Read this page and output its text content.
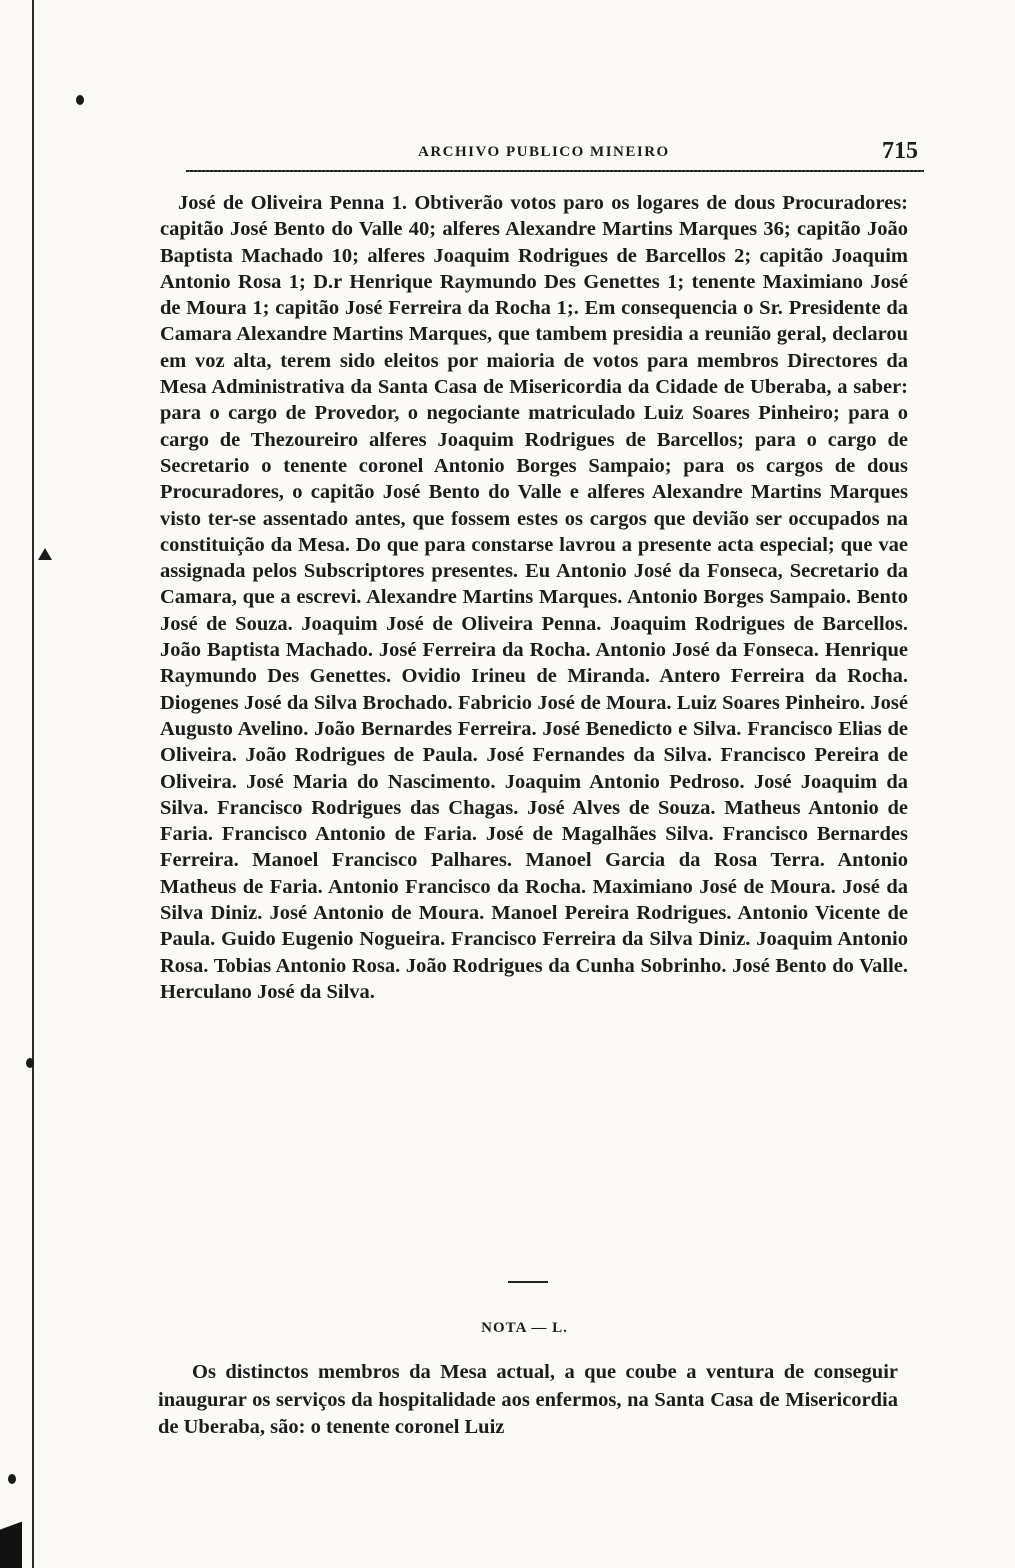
ARCHIVO PUBLICO MINEIRO	715

José de Oliveira Penna 1. Obtiverão votos paro os logares de dous Procuradores: capitão José Bento do Valle 40; alferes Alexandre Martins Marques 36; capitão João Baptista Machado 10; alferes Joaquim Rodrigues de Barcellos 2; capitão Joaquim Antonio Rosa 1; D.r Henrique Raymundo Des Genettes 1; tenente Maximiano José de Moura 1; capitão José Ferreira da Rocha 1;. Em consequencia o Sr. Presidente da Camara Alexandre Martins Marques, que tambem presidia a reunião geral, declarou em voz alta, terem sido eleitos por maioria de votos para membros Directores da Mesa Administrativa da Santa Casa de Misericordia da Cidade de Uberaba, a saber: para o cargo de Provedor, o negociante matriculado Luiz Soares Pinheiro; para o cargo de Thezoureiro alferes Joaquim Rodrigues de Barcellos; para o cargo de Secretario o tenente coronel Antonio Borges Sampaio; para os cargos de dous Procuradores, o capitão José Bento do Valle e alferes Alexandre Martins Marques visto ter-se assentado antes, que fossem estes os cargos que devião ser occupados na constituição da Mesa. Do que para constarse lavrou a presente acta especial; que vae assignada pelos Subscriptores presentes. Eu Antonio José da Fonseca, Secretario da Camara, que a escrevi. Alexandre Martins Marques. Antonio Borges Sampaio. Bento José de Souza. Joaquim José de Oliveira Penna. Joaquim Rodrigues de Barcellos. João Baptista Machado. José Ferreira da Rocha. Antonio José da Fonseca. Henrique Raymundo Des Genettes. Ovidio Irineu de Miranda. Antero Ferreira da Rocha. Diogenes José da Silva Brochado. Fabricio José de Moura. Luiz Soares Pinheiro. José Augusto Avelino. João Bernardes Ferreira. José Benedicto e Silva. Francisco Elias de Oliveira. João Rodrigues de Paula. José Fernandes da Silva. Francisco Pereira de Oliveira. José Maria do Nascimento. Joaquim Antonio Pedroso. José Joaquim da Silva. Francisco Rodrigues das Chagas. José Alves de Souza. Matheus Antonio de Faria. Francisco Antonio de Faria. José de Magalhães Silva. Francisco Bernardes Ferreira. Manoel Francisco Palhares. Manoel Garcia da Rosa Terra. Antonio Matheus de Faria. Antonio Francisco da Rocha. Maximiano José de Moura. José da Silva Diniz. José Antonio de Moura. Manoel Pereira Rodrigues. Antonio Vicente de Paula. Guido Eugenio Nogueira. Francisco Ferreira da Silva Diniz. Joaquim Antonio Rosa. Tobias Antonio Rosa. João Rodrigues da Cunha Sobrinho. José Bento do Valle. Herculano José da Silva.

NOTA — L.

Os distinctos membros da Mesa actual, a que coube a ventura de conseguir inaugurar os serviços da hospitalidade aos enfermos, na Santa Casa de Misericordia de Uberaba, são: o tenente coronel Luiz
